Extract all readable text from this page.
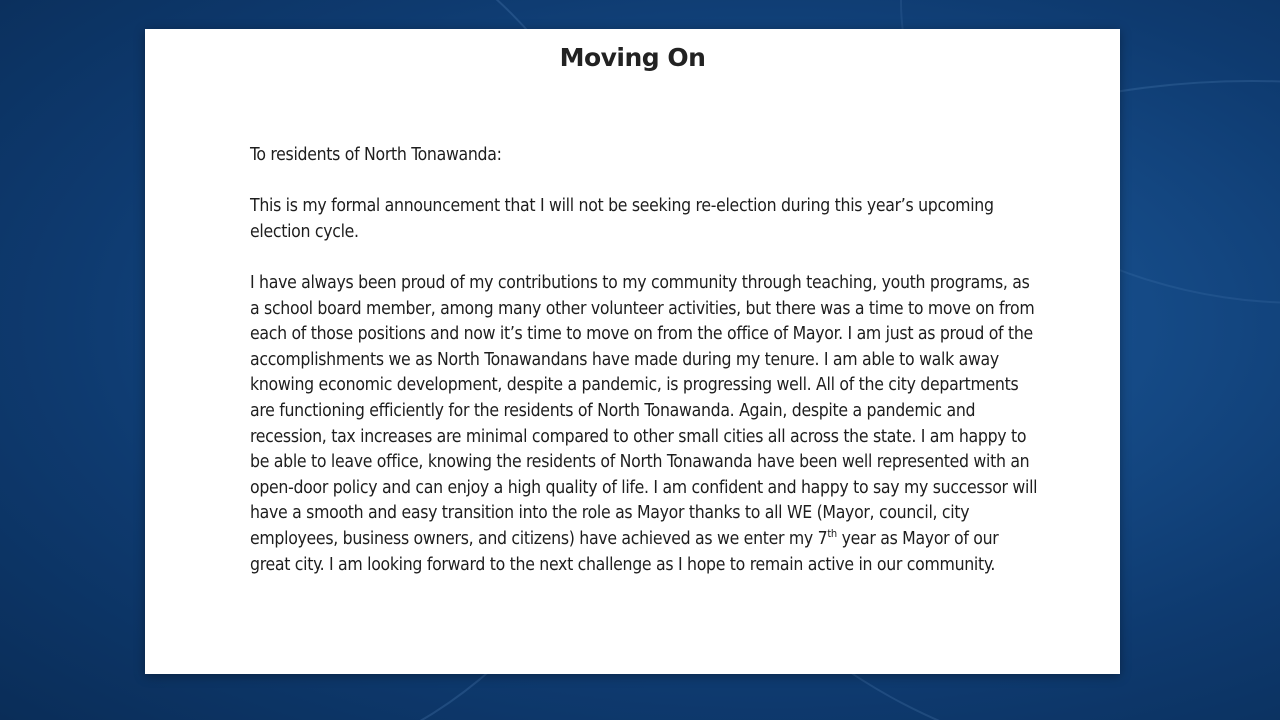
Moving On

To residents of North Tonawanda:

This is my formal announcement that I will not be seeking re-election during this year’s upcoming election cycle.

I have always been proud of my contributions to my community through teaching, youth programs, as a school board member, among many other volunteer activities, but there was a time to move on from each of those positions and now it’s time to move on from the office of Mayor. I am just as proud of the accomplishments we as North Tonawandans have made during my tenure. I am able to walk away knowing economic development, despite a pandemic, is progressing well. All of the city departments are functioning efficiently for the residents of North Tonawanda. Again, despite a pandemic and recession, tax increases are minimal compared to other small cities all across the state. I am happy to be able to leave office, knowing the residents of North Tonawanda have been well represented with an open-door policy and can enjoy a high quality of life. I am confident and happy to say my successor will have a smooth and easy transition into the role as Mayor thanks to all WE (Mayor, council, city employees, business owners, and citizens) have achieved as we enter my 7th year as Mayor of our great city. I am looking forward to the next challenge as I hope to remain active in our community.
